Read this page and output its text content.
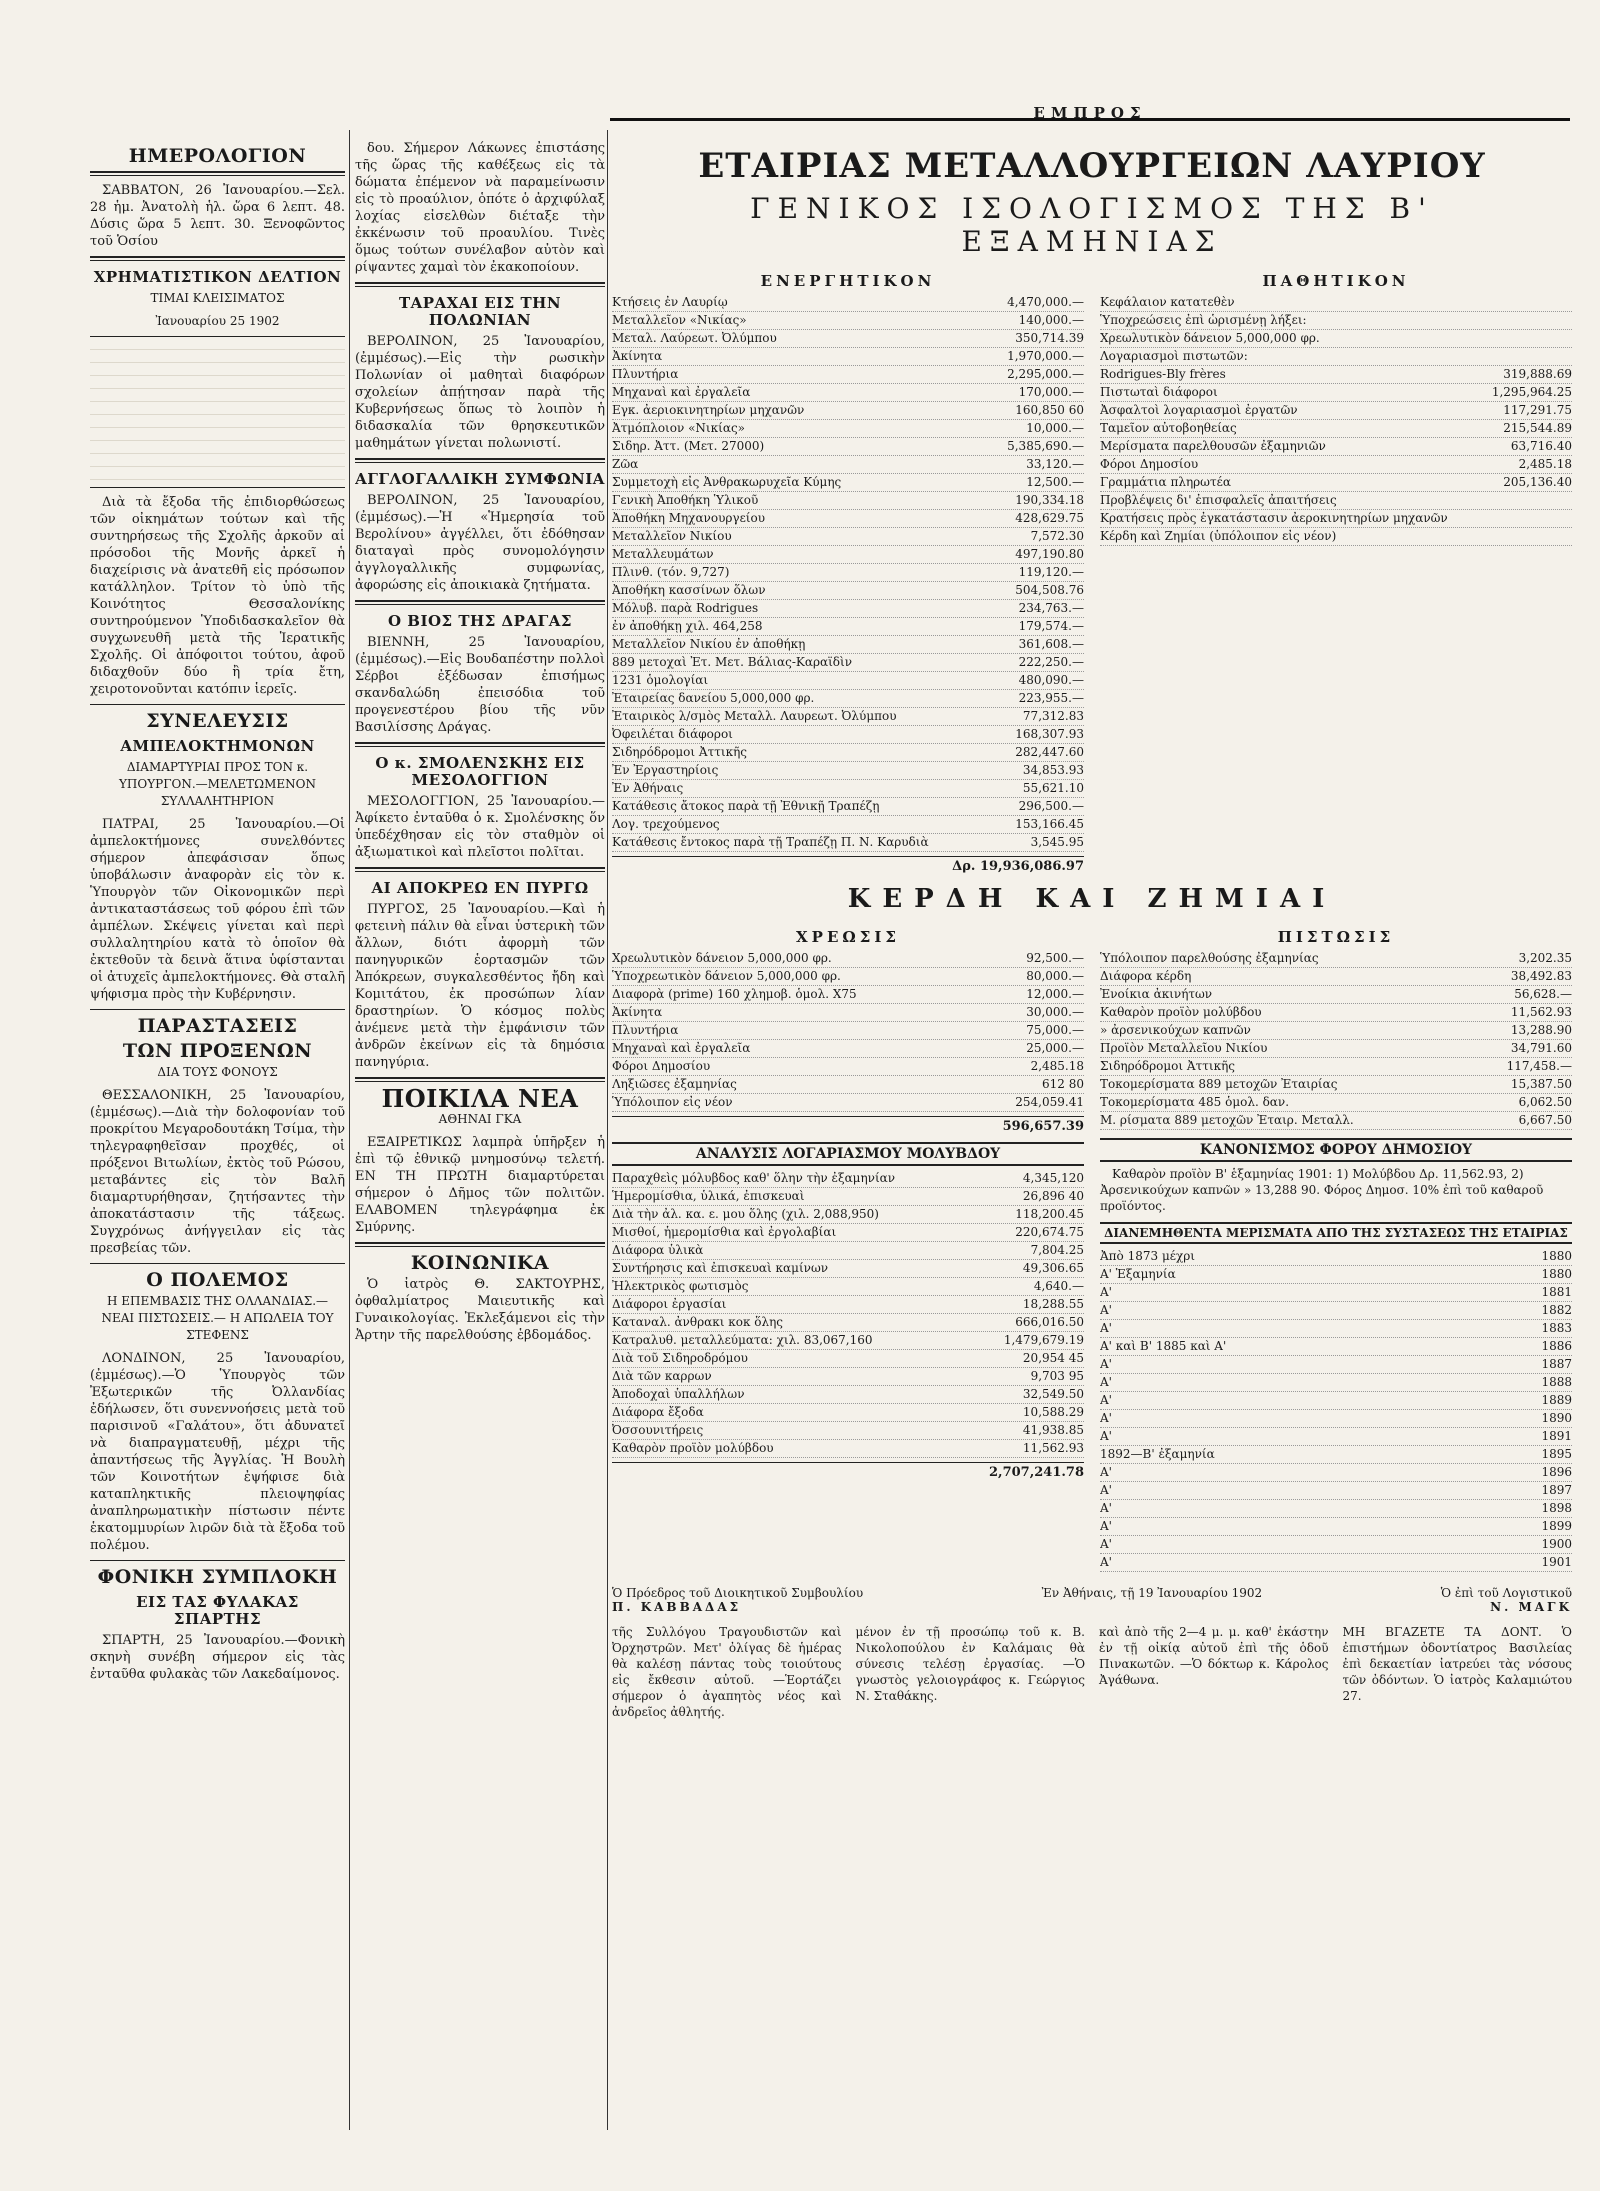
ΕΜΠΡΟΣ
ΗΜΕΡΟΛΟΓΙΟΝ

ΣΑΒΒΑΤΟΝ, 26 Ἰανουαρίου.—Σελ. 28 ἡμ. Ἀνατολὴ ἡλ. ὥρα 6 λεπτ. 48. Δύσις ὥρα 5 λεπτ. 30. Ξενοφῶντος τοῦ Ὁσίου

ΧΡΗΜΑΤΙΣΤΙΚΟΝ ΔΕΛΤΙΟΝ
ΤΙΜΑΙ ΚΛΕΙΣΙΜΑΤΟΣ
Ἰανουαρίου 25 1902

Διὰ τὰ ἔξοδα τῆς ἐπιδιορθώσεως τῶν οἰκημάτων τούτων καὶ τῆς συντηρήσεως τῆς Σχολῆς ἀρκοῦν αἱ πρόσοδοι τῆς Μονῆς ἀρκεῖ ἡ διαχείρισις νὰ ἀνατεθῆ εἰς πρόσωπον κατάλληλον. Τρίτον τὸ ὑπὸ τῆς Κοινότητος Θεσσαλονίκης συντηρούμενον Ὑποδιδασκαλεῖον θὰ συγχωνευθῆ μετὰ τῆς Ἱερατικῆς Σχολῆς. Οἱ ἀπόφοιτοι τούτου, ἀφοῦ διδαχθοῦν δύο ἢ τρία ἔτη, χειροτονοῦνται κατόπιν ἱερεῖς.

ΣΥΝΕΛΕΥΣΙΣ
ΑΜΠΕΛΟΚΤΗΜΟΝΩΝ
ΔΙΑΜΑΡΤΥΡΙΑΙ ΠΡΟΣ ΤΟΝ κ. ΥΠΟΥΡΓΟΝ.—ΜΕΛΕΤΩΜΕΝΟΝ ΣΥΛΛΑΛΗΤΗΡΙΟΝ

ΠΑΤΡΑΙ, 25 Ἰανουαρίου.—Οἱ ἀμπελοκτήμονες συνελθόντες σήμερον ἀπεφάσισαν ὅπως ὑποβάλωσιν ἀναφορὰν εἰς τὸν κ. Ὑπουργὸν τῶν Οἰκονομικῶν περὶ ἀντικαταστάσεως τοῦ φόρου ἐπὶ τῶν ἀμπέλων. Σκέψεις γίνεται καὶ περὶ συλλαλητηρίου κατὰ τὸ ὁποῖον θὰ ἐκτεθοῦν τὰ δεινὰ ἅτινα ὑφίστανται οἱ ἀτυχεῖς ἀμπελοκτήμονες. Θὰ σταλῆ ψήφισμα πρὸς τὴν Κυβέρνησιν.

ΠΑΡΑΣΤΑΣΕΙΣ
ΤΩΝ ΠΡΟΞΕΝΩΝ
ΔΙΑ ΤΟΥΣ ΦΟΝΟΥΣ

ΘΕΣΣΑΛΟΝΙΚΗ, 25 Ἰανουαρίου, (ἐμμέσως).—Διὰ τὴν δολοφονίαν τοῦ προκρίτου Μεγαροδουτάκη Τσίμα, τὴν τηλεγραφηθεῖσαν προχθές, οἱ πρόξενοι Βιτωλίων, ἐκτὸς τοῦ Ρώσου, μεταβάντες εἰς τὸν Βαλῆ διαμαρτυρήθησαν, ζητήσαντες τὴν ἀποκατάστασιν τῆς τάξεως. Συγχρόνως ἀνήγγειλαν εἰς τὰς πρεσβείας τῶν.

Ο ΠΟΛΕΜΟΣ
Η ΕΠΕΜΒΑΣΙΣ ΤΗΣ ΟΛΛΑΝΔΙΑΣ.— ΝΕΑΙ ΠΙΣΤΩΣΕΙΣ.— Η ΑΠΩΛΕΙΑ ΤΟΥ ΣΤΕΦΕΝΣ

ΛΟΝΔΙΝΟΝ, 25 Ἰανουαρίου, (ἐμμέσως).—Ὁ Ὑπουργὸς τῶν Ἐξωτερικῶν τῆς Ὀλλανδίας ἐδήλωσεν, ὅτι συνεννοήσεις μετὰ τοῦ παρισινοῦ «Γαλάτου», ὅτι ἀδυνατεῖ νὰ διαπραγματευθῇ, μέχρι τῆς ἀπαντήσεως τῆς Ἀγγλίας. Ἡ Βουλὴ τῶν Κοινοτήτων ἐψήφισε διὰ καταπληκτικῆς πλειοψηφίας ἀναπληρωματικὴν πίστωσιν πέντε ἑκατομμυρίων λιρῶν διὰ τὰ ἔξοδα τοῦ πολέμου.

ΦΟΝΙΚΗ ΣΥΜΠΛΟΚΗ
ΕΙΣ ΤΑΣ ΦΥΛΑΚΑΣ ΣΠΑΡΤΗΣ

ΣΠΑΡΤΗ, 25 Ἰανουαρίου.—Φονικὴ σκηνὴ συνέβη σήμερον εἰς τὰς ἐνταῦθα φυλακὰς τῶν Λακεδαίμονος.

δου. Σήμερον Λάκωνες ἐπιστάσης τῆς ὥρας τῆς καθέξεως εἰς τὰ δώματα ἐπέμενον νὰ παραμείνωσιν εἰς τὸ προαύλιον, ὁπότε ὁ ἀρχιφύλαξ λοχίας εἰσελθὼν διέταξε τὴν ἐκκένωσιν τοῦ προαυλίου. Τινὲς ὅμως τούτων συνέλαβον αὐτὸν καὶ ρίψαντες χαμαὶ τὸν ἐκακοποίουν.

ΤΑΡΑΧΑΙ ΕΙΣ ΤΗΝ ΠΟΛΩΝΙΑΝ

ΒΕΡΟΛΙΝΟΝ, 25 Ἰανουαρίου, (ἐμμέσως).—Εἰς τὴν ρωσικὴν Πολωνίαν οἱ μαθηταὶ διαφόρων σχολείων ἀπῄτησαν παρὰ τῆς Κυβερνήσεως ὅπως τὸ λοιπὸν ἡ διδασκαλία τῶν θρησκευτικῶν μαθημάτων γίνεται πολωνιστί.

ΑΓΓΛΟΓΑΛΛΙΚΗ ΣΥΜΦΩΝΙΑ

ΒΕΡΟΛΙΝΟΝ, 25 Ἰανουαρίου, (ἐμμέσως).—Ἡ «Ἡμερησία τοῦ Βερολίνου» ἀγγέλλει, ὅτι ἐδόθησαν διαταγαὶ πρὸς συνομολόγησιν ἀγγλογαλλικῆς συμφωνίας, ἀφορώσης εἰς ἀποικιακὰ ζητήματα.

Ο ΒΙΟΣ ΤΗΣ ΔΡΑΓΑΣ

ΒΙΕΝΝΗ, 25 Ἰανουαρίου, (ἐμμέσως).—Εἰς Βουδαπέστην πολλοὶ Σέρβοι ἐξέδωσαν ἐπισήμως σκανδαλώδη ἐπεισόδια τοῦ προγενεστέρου βίου τῆς νῦν Βασιλίσσης Δράγας.

Ο κ. ΣΜΟΛΕΝΣΚΗΣ ΕΙΣ ΜΕΣΟΛΟΓΓΙΟΝ

ΜΕΣΟΛΟΓΓΙΟΝ, 25 Ἰανουαρίου.—Ἀφίκετο ἐνταῦθα ὁ κ. Σμολένσκης ὅν ὑπεδέχθησαν εἰς τὸν σταθμὸν οἱ ἀξιωματικοὶ καὶ πλεῖστοι πολῖται.

ΑΙ ΑΠΟΚΡΕΩ ΕΝ ΠΥΡΓΩ

ΠΥΡΓΟΣ, 25 Ἰανουαρίου.—Καὶ ἡ φετεινὴ πάλιν θὰ εἶναι ὑστερικὴ τῶν ἄλλων, διότι ἀφορμὴ τῶν πανηγυρικῶν ἑορτασμῶν τῶν Ἀπόκρεων, συγκαλεσθέντος ἤδη καὶ Κομιτάτου, ἐκ προσώπων λίαν δραστηρίων. Ὁ κόσμος πολὺς ἀνέμενε μετὰ τὴν ἐμφάνισιν τῶν ἀνδρῶν ἐκείνων εἰς τὰ δημόσια πανηγύρια.

ΠΟΙΚΙΛΑ ΝΕΑ
ΑΘΗΝΑΙ ΓΚΑ

ΕΞΑΙΡΕΤΙΚΩΣ λαμπρὰ ὑπῆρξεν ἡ ἐπὶ τῷ ἐθνικῷ μνημοσύνῳ τελετή. ΕΝ ΤΗ ΠΡΩΤΗ διαμαρτύρεται σήμερον ὁ Δῆμος τῶν πολιτῶν. ΕΛΑΒΟΜΕΝ τηλεγράφημα ἐκ Σμύρνης.

ΚΟΙΝΩΝΙΚΑ

Ὁ ἰατρὸς Θ. ΣΑΚΤΟΥΡΗΣ, ὀφθαλμίατρος Μαιευτικῆς καὶ Γυναικολογίας. Ἐκλεξάμενοι εἰς τὴν Ἀρτην τῆς παρελθούσης ἑβδομάδος.

ΕΤΑΙΡΙΑΣ ΜΕΤΑΛΛΟΥΡΓΕΙΩΝ ΛΑΥΡΙΟΥ
ΓΕΝΙΚΟΣ ΙΣΟΛΟΓΙΣΜΟΣ ΤΗΣ Β' ΕΞΑΜΗΝΙΑΣ
ΕΝΕΡΓΗΤΙΚΟΝ
Κτήσεις ἐν Λαυρίῳ	4,470,000.—
Μεταλλεῖον «Νικίας»	140,000.—
Μεταλ. Λαύρεωτ. Ὀλύμπου	350,714.39
Ἀκίνητα	1,970,000.—
Πλυντήρια	2,295,000.—
Μηχαναὶ καὶ ἐργαλεῖα	170,000.—
Εγκ. ἀεριοκινητηρίων μηχανῶν	160,850 60
Ἀτμόπλοιον «Νικίας»	10,000.—
Σιδηρ. Ἀττ. (Μετ. 27000)	5,385,690.—
Ζῶα	33,120.—
Συμμετοχὴ εἰς Ἀνθρακωρυχεῖα Κύμης	12,500.—
Γενικὴ Ἀποθήκη Ὑλικοῦ	190,334.18
Ἀποθήκη Μηχανουργείου	428,629.75
Μεταλλεῖον Νικίου	7,572.30
Μεταλλευμάτων	497,190.80
Πλινθ. (τόν. 9,727)	119,120.—
Ἀποθήκη κασσίνων ὅλων	504,508.76
Μόλυβ. παρὰ Rodrigues	234,763.—
ἐν ἀποθήκῃ χιλ. 464,258	179,574.—
Μεταλλεῖον Νικίου ἐν ἀποθήκῃ	361,608.—
889 μετοχαὶ Ἐτ. Μετ. Βάλιας-Καραϊδὶν	222,250.—
1231 ὁμολογίαι	480,090.—
Ἐταιρείας δανείου 5,000,000 φρ.	223,955.—
Ἐταιρικὸς λ/σμὸς Μεταλλ. Λαυρεωτ. Ὀλύμπου	77,312.83
Ὀφειλέται διάφοροι	168,307.93
Σιδηρόδρομοι Ἀττικῆς	282,447.60
Ἐν Ἐργαστηρίοις	34,853.93
Ἐν Ἀθήναις	55,621.10
Κατάθεσις ἄτοκος παρὰ τῇ Ἐθνικῇ Τραπέζῃ	296,500.—
Λογ. τρεχούμενος	153,166.45
Κατάθεσις ἔντοκος παρὰ τῇ Τραπέζῃ Π. Ν. Καρυδιὰ	3,545.95
Δρ. 19,936,086.97
ΠΑΘΗΤΙΚΟΝ
Κεφάλαιον κατατεθὲν
Ὑποχρεώσεις ἐπὶ ὡρισμένῃ λήξει:
Χρεωλυτικὸν δάνειον 5,000,000 φρ.
Λογαριασμοὶ πιστωτῶν:
Rodrigues-Bly frères	319,888.69
Πιστωταὶ διάφοροι	1,295,964.25
Ἀσφαλτοὶ λογαριασμοὶ ἐργατῶν	117,291.75
Ταμεῖον αὐτοβοηθείας	215,544.89
Μερίσματα παρελθουσῶν ἐξαμηνιῶν	63,716.40
Φόροι Δημοσίου	2,485.18
Γραμμάτια πληρωτέα	205,136.40
Προβλέψεις δι' ἐπισφαλεῖς ἀπαιτήσεις
Κρατήσεις πρὸς ἐγκατάστασιν ἀεροκινητηρίων μηχανῶν
Κέρδη καὶ Ζημίαι (ὑπόλοιπον εἰς νέον)
ΚΕΡΔΗ ΚΑΙ ΖΗΜΙΑΙ
ΧΡΕΩΣΙΣ
Χρεωλυτικὸν δάνειον 5,000,000 φρ.	92,500.—
Ὑποχρεωτικὸν δάνειον 5,000,000 φρ.	80,000.—
Διαφορὰ (prime) 160 χλημοβ. ὁμολ. Χ75	12,000.—
Ἀκίνητα	30,000.—
Πλυντήρια	75,000.—
Μηχαναὶ καὶ ἐργαλεῖα	25,000.—
Φόροι Δημοσίου	2,485.18
Ληξιῶσες ἐξαμηνίας	612 80
Ὑπόλοιπον εἰς νέον	254,059.41
596,657.39
ΑΝΑΛΥΣΙΣ ΛΟΓΑΡΙΑΣΜΟΥ ΜΟΛΥΒΔΟΥ
Παραχθεὶς μόλυβδος καθ' ὅλην τὴν ἐξαμηνίαν	4,345,120
Ἡμερομίσθια, ὑλικά, ἐπισκευαὶ	26,896 40
Διὰ τὴν ἀλ. κα. ε. μου ὅλης (χιλ. 2,088,950)	118,200.45
Μισθοί, ἡμερομίσθια καὶ ἐργολαβίαι	220,674.75
Διάφορα ὑλικὰ	7,804.25
Συντήρησις καὶ ἐπισκευαὶ καμίνων	49,306.65
Ἠλεκτρικὸς φωτισμὸς	4,640.—
Διάφοροι ἐργασίαι	18,288.55
Καταναλ. ἀνθρακι κοκ ὅλης	666,016.50
Κατραλυθ. μεταλλεύματα: χιλ. 83,067,160	1,479,679.19
Διὰ τοῦ Σιδηροδρόμου	20,954 45
Διὰ τῶν καρρων	9,703 95
Ἀποδοχαὶ ὑπαλλήλων	32,549.50
Διάφορα ἔξοδα	10,588.29
Ὀσσουνιτήρεις	41,938.85
Καθαρὸν προϊὸν μολύβδου	11,562.93
2,707,241.78
ΠΙΣΤΩΣΙΣ
Ὑπόλοιπον παρελθούσης ἐξαμηνίας	3,202.35
Διάφορα κέρδη	38,492.83
Ἐνοίκια ἀκινήτων	56,628.—
Καθαρὸν προϊὸν μολύβδου	11,562.93
» ἀρσενικούχων καπνῶν	13,288.90
Προϊὸν Μεταλλεῖου Νικίου	34,791.60
Σιδηρόδρομοι Ἀττικῆς	117,458.—
Τοκομερίσματα 889 μετοχῶν Ἐταιρίας	15,387.50
Τοκομερίσματα 485 ὁμολ. δαν.	6,062.50
Μ. ρίσματα 889 μετοχῶν Ἐταιρ. Μεταλλ.	6,667.50
ΚΑΝΟΝΙΣΜΟΣ ΦΟΡΟΥ ΔΗΜΟΣΙΟΥ

Καθαρὸν προϊὸν Β' ἑξαμηνίας 1901: 1) Μολύβδου Δρ. 11,562.93, 2) Ἀρσενικούχων καπνῶν » 13,288 90. Φόρος Δημοσ. 10% ἐπὶ τοῦ καθαροῦ προϊόντος.

ΔΙΑΝΕΜΗΘΕΝΤΑ ΜΕΡΙΣΜΑΤΑ ΑΠΟ ΤΗΣ ΣΥΣΤΑΣΕΩΣ ΤΗΣ ΕΤΑΙΡΙΑΣ
Ἀπὸ 1873 μέχρι	1880
Α' Ἑξαμηνία	1880
Α'	1881
Α'	1882
Α'	1883
Α' καὶ Β' 1885 καὶ Α'	1886
Α'	1887
Α'	1888
Α'	1889
Α'	1890
Α'	1891
1892—Β' ἐξαμηνία	1895
Α'	1896
Α'	1897
Α'	1898
Α'	1899
Α'	1900
Α'	1901
Ὁ Πρόεδρος τοῦ Διοικητικοῦ Συμβουλίου
Π. ΚΑΒΒΑΔΑΣ
Ἐν Ἀθήναις, τῇ 19 Ἰανουαρίου 1902	Ὁ ἐπὶ τοῦ Λογιστικοῦ
Ν. ΜΑΓΚ
τῆς Συλλόγου Τραγουδιστῶν καὶ Ὀρχηστρῶν. Μετ' ὀλίγας δὲ ἡμέρας θὰ καλέσῃ πάντας τοὺς τοιούτους εἰς ἔκθεσιν αὐτοῦ. —Ἑορτάζει σήμερον ὁ ἀγαπητὸς νέος καὶ ἀνδρεῖος ἀθλητής.
μένον ἐν τῇ προσώπῳ τοῦ κ. Β. Νικολοπούλου ἐν Καλάμαις θὰ σύνεσις τελέσῃ ἐργασίας. —Ὁ γνωστὸς γελοιογράφος κ. Γεώργιος Ν. Σταθάκης.
καὶ ἀπὸ τῆς 2—4 μ. μ. καθ' ἑκάστην ἐν τῇ οἰκίᾳ αὐτοῦ ἐπὶ τῆς ὁδοῦ Πινακωτῶν. —Ὁ δόκτωρ κ. Κάρολος Ἀγάθωνα.
ΜΗ ΒΓΑΖΕΤΕ ΤΑ ΔΟΝΤ. Ὁ ἐπιστήμων ὀδοντίατρος Βασιλείας ἐπὶ δεκαετίαν ἰατρεύει τὰς νόσους τῶν ὀδόντων. Ὁ ἰατρὸς Καλαμιώτου 27.
